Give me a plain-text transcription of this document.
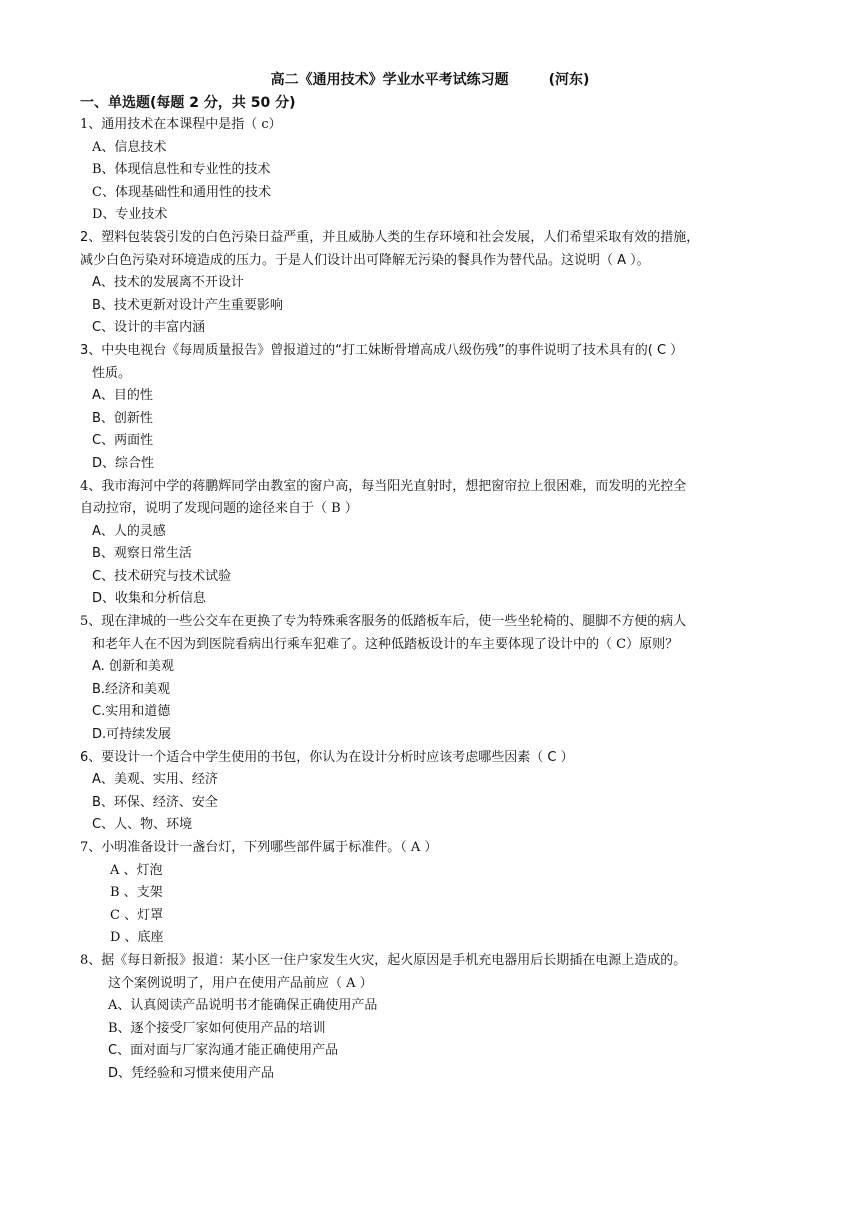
高二《通用技术》学业水平考试练习题	(河东)
一、单选题(每题 2 分，共 50 分)
1、通用技术在本课程中是指（ c）
A、信息技术
B、体现信息性和专业性的技术
C、体现基础性和通用性的技术
D、专业技术
2、塑料包装袋引发的白色污染日益严重，并且威胁人类的生存环境和社会发展，人们希望采取有效的措施，
减少白色污染对环境造成的压力。于是人们设计出可降解无污染的餐具作为替代品。这说明（ A ）。
A、技术的发展离不开设计
B、技术更新对设计产生重要影响
C、设计的丰富内涵
3、中央电视台《每周质量报告》曾报道过的“打工妹断骨增高成八级伤残”的事件说明了技术具有的( C ）
性质。
A、目的性
B、创新性
C、两面性
D、综合性
4、我市海河中学的蒋鹏辉同学由教室的窗户高，每当阳光直射时，想把窗帘拉上很困难，而发明的光控全
自动拉帘，说明了发现问题的途径来自于（ B ）
A、人的灵感
B、观察日常生活
C、技术研究与技术试验
D、收集和分析信息
5、现在津城的一些公交车在更换了专为特殊乘客服务的低踏板车后，使一些坐轮椅的、腿脚不方便的病人
和老年人在不因为到医院看病出行乘车犯难了。这种低踏板设计的车主要体现了设计中的（ C）原则？
A. 创新和美观
B.经济和美观
C.实用和道德
D.可持续发展
6、要设计一个适合中学生使用的书包，你认为在设计分析时应该考虑哪些因素（ C ）
A、美观、实用、经济
B、环保、经济、安全
C、人、物、环境
7、小明准备设计一盏台灯，下列哪些部件属于标准件。（ A ）
A 、灯泡
B 、支架
C 、灯罩
D 、底座
8、据《每日新报》报道：某小区一住户家发生火灾，起火原因是手机充电器用后长期插在电源上造成的。
这个案例说明了，用户在使用产品前应（ A ）
A、认真阅读产品说明书才能确保正确使用产品
B、逐个接受厂家如何使用产品的培训
C、面对面与厂家沟通才能正确使用产品
D、凭经验和习惯来使用产品
